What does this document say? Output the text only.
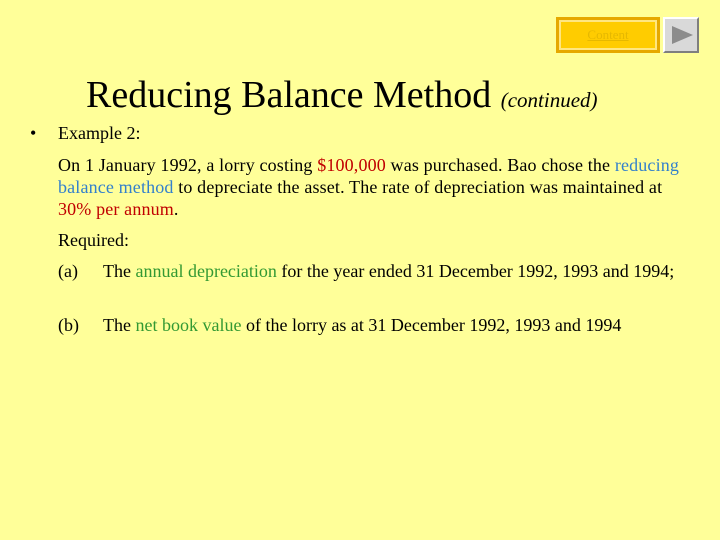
Content
Reducing Balance Method (continued)
• Example 2:
On 1 January 1992, a lorry costing $100,000 was purchased. Bao chose the reducing balance method to depreciate the asset. The rate of depreciation was maintained at 30% per annum.
Required:
(a) The annual depreciation for the year ended 31 December 1992, 1993 and 1994;
(b) The net book value of the lorry as at 31 December 1992, 1993 and 1994
